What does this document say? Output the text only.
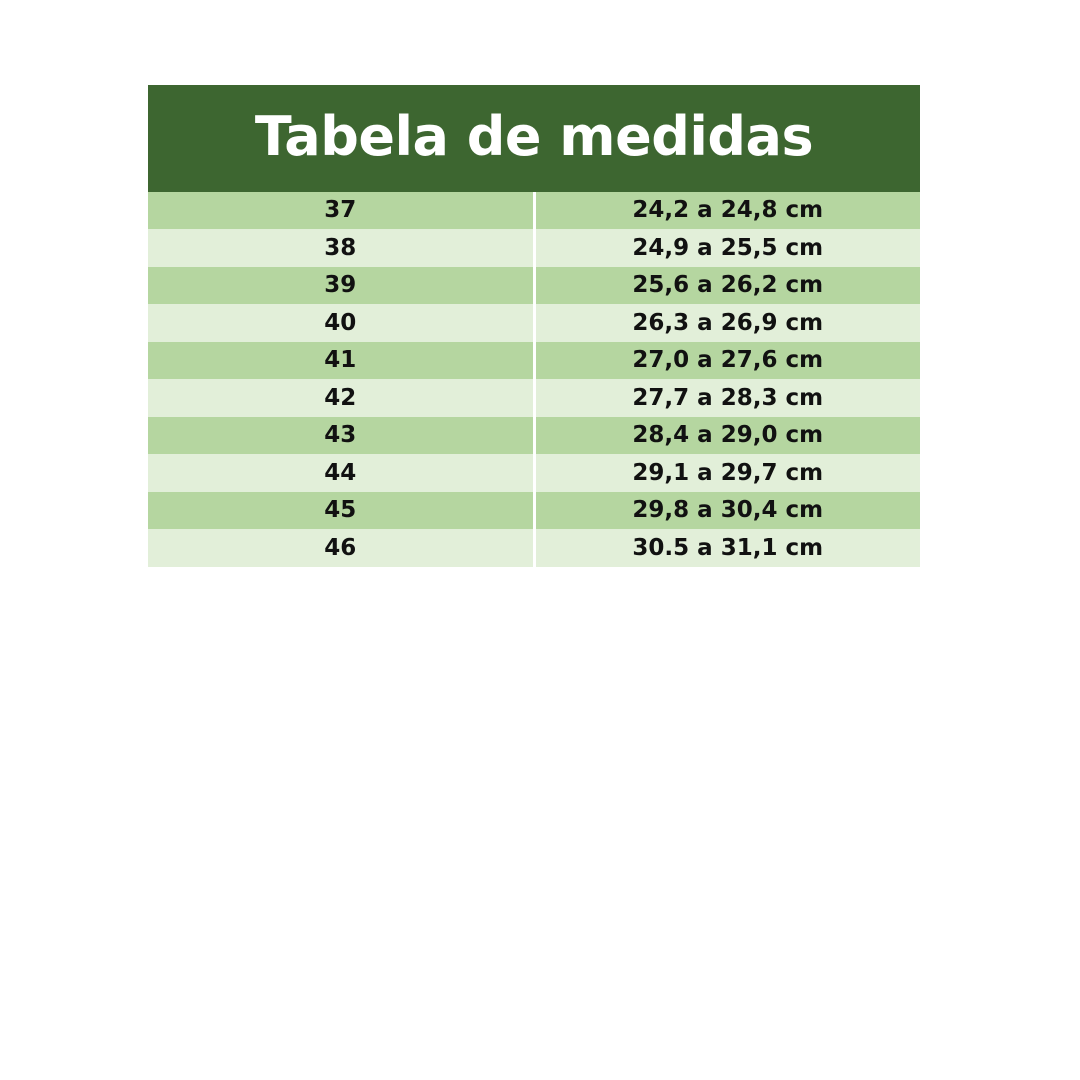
Tabela de medidas	
37	24,2 a 24,8 cm
38	24,9 a 25,5 cm
39	25,6 a 26,2 cm
40	26,3 a 26,9 cm
41	27,0 a 27,6 cm
42	27,7 a 28,3 cm
43	28,4 a 29,0 cm
44	29,1 a 29,7 cm
45	29,8 a 30,4 cm
46	30.5 a 31,1 cm
